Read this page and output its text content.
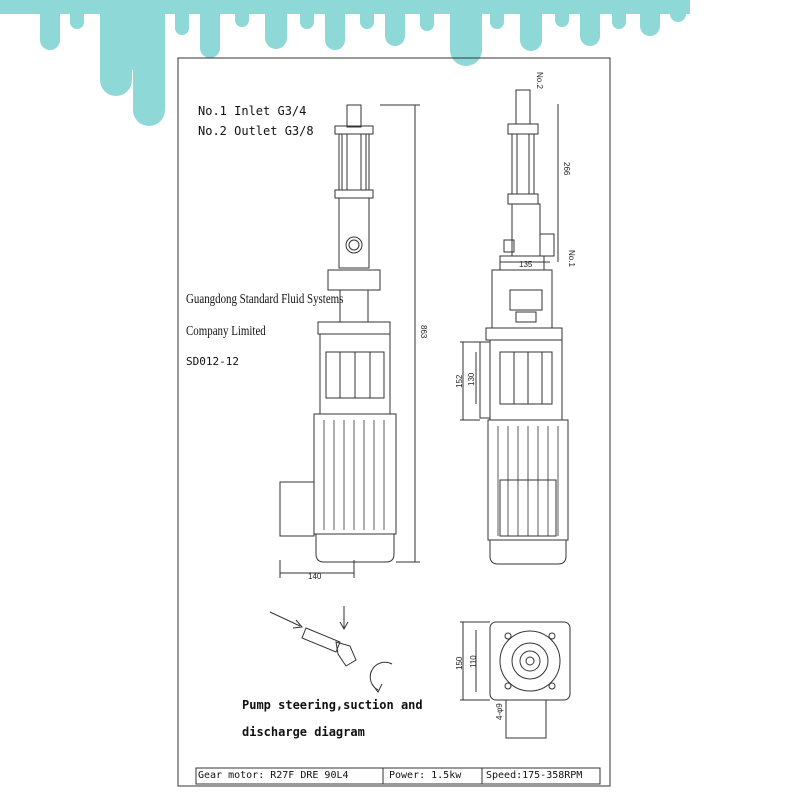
No.1 Inlet G3/4
No.2 Outlet G3/8
Guangdong Standard Fluid Systems
Company Limited
SD012-12
863
140
266
135
152 130
150 110
4-φ9
No.2
No.1
Pump steering,suction and
discharge diagram
Gear motor: R27F DRE 90L4	Power: 1.5kw Speed:175-358RPM
